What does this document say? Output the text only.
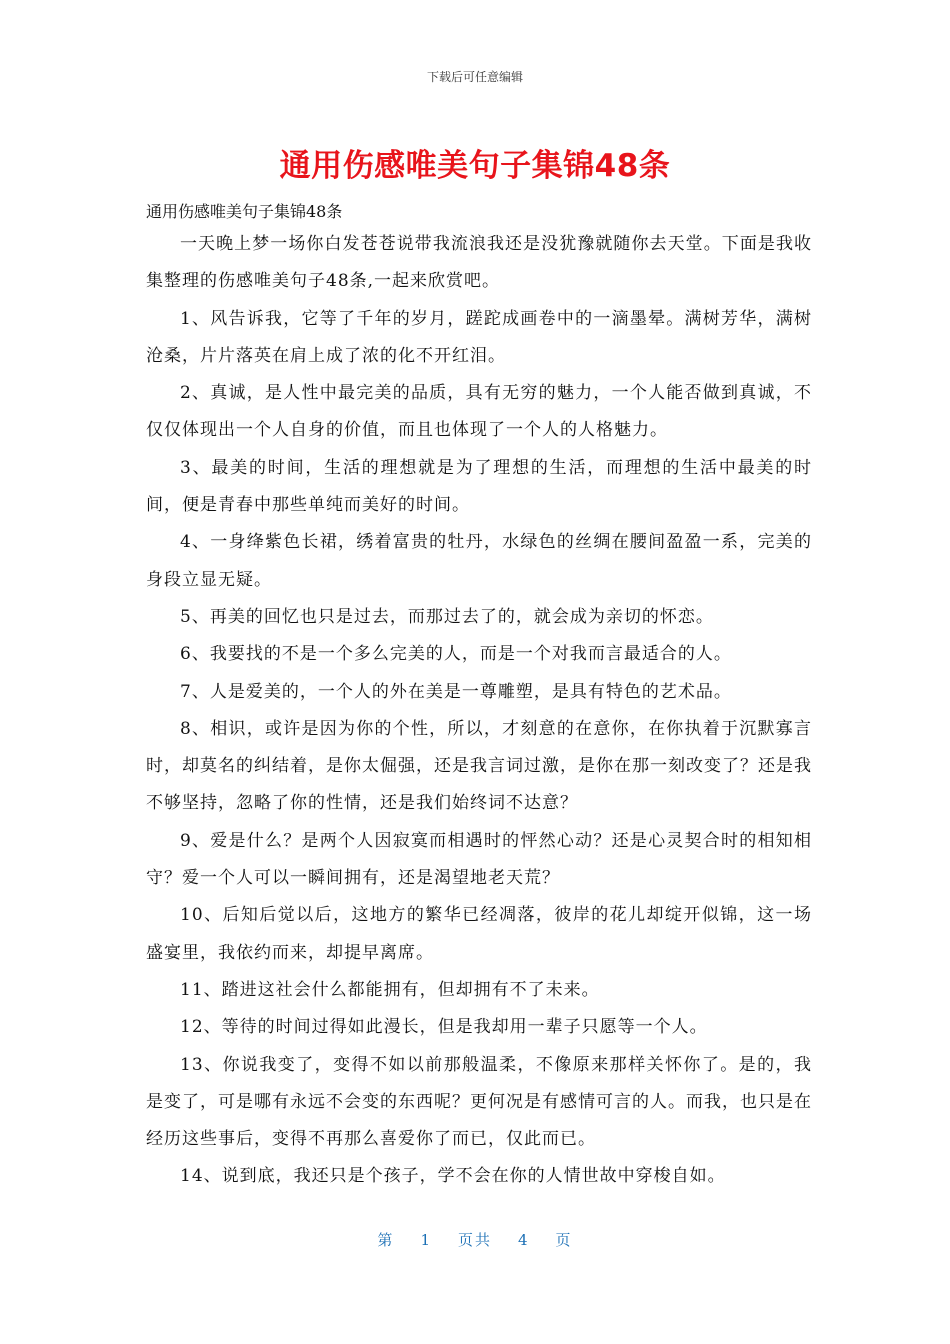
下载后可任意编辑
通用伤感唯美句子集锦48条
通用伤感唯美句子集锦48条

一天晚上梦一场你白发苍苍说带我流浪我还是没犹豫就随你去天堂。下面是我收集整理的伤感唯美句子48条,一起来欣赏吧。

1、风告诉我，它等了千年的岁月，蹉跎成画卷中的一滴墨晕。满树芳华，满树沧桑，片片落英在肩上成了浓的化不开红泪。

2、真诚，是人性中最完美的品质，具有无穷的魅力，一个人能否做到真诚，不仅仅体现出一个人自身的价值，而且也体现了一个人的人格魅力。

3、最美的时间，生活的理想就是为了理想的生活，而理想的生活中最美的时间，便是青春中那些单纯而美好的时间。

4、一身绛紫色长裙，绣着富贵的牡丹，水绿色的丝绸在腰间盈盈一系，完美的身段立显无疑。

5、再美的回忆也只是过去，而那过去了的，就会成为亲切的怀恋。

6、我要找的不是一个多么完美的人，而是一个对我而言最适合的人。

7、人是爱美的，一个人的外在美是一尊雕塑，是具有特色的艺术品。

8、相识，或许是因为你的个性，所以，才刻意的在意你，在你执着于沉默寡言时，却莫名的纠结着，是你太倔强，还是我言词过激，是你在那一刻改变了？还是我不够坚持，忽略了你的性情，还是我们始终词不达意？

9、爱是什么？是两个人因寂寞而相遇时的怦然心动？还是心灵契合时的相知相守？爱一个人可以一瞬间拥有，还是渴望地老天荒？

10、后知后觉以后，这地方的繁华已经凋落，彼岸的花儿却绽开似锦，这一场盛宴里，我依约而来，却提早离席。

11、踏进这社会什么都能拥有，但却拥有不了未来。

12、等待的时间过得如此漫长，但是我却用一辈子只愿等一个人。

13、你说我变了，变得不如以前那般温柔，不像原来那样关怀你了。是的，我是变了，可是哪有永远不会变的东西呢？更何况是有感情可言的人。而我，也只是在经历这些事后，变得不再那么喜爱你了而已，仅此而已。

14、说到底，我还只是个孩子，学不会在你的人情世故中穿梭自如。

第 1 页共 4 页
